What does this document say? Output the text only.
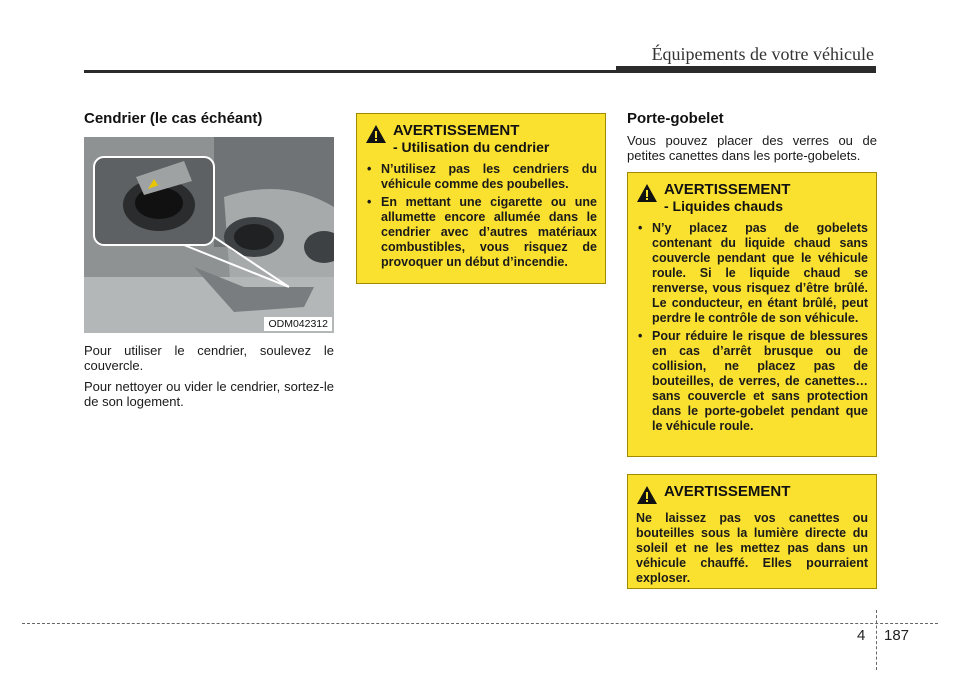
Équipements de votre véhicule
Cendrier (le cas échéant)
ODM042312

Pour utiliser le cendrier, soulevez le couvercle.

Pour nettoyer ou vider le cendrier, sortez-le de son logement.

AVERTISSEMENT
- Utilisation du cendrier
• N’utilisez pas les cendriers du véhicule comme des poubelles.
• En mettant une cigarette ou une allumette encore allumée dans le cendrier avec d’autres matériaux combustibles, vous risquez de provoquer un début d’incendie.
Porte-gobelet

Vous pouvez placer des verres ou de petites canettes dans les porte-gobelets.

AVERTISSEMENT
- Liquides chauds
• N’y placez pas de gobelets contenant du liquide chaud sans couvercle pendant que le véhicule roule. Si le liquide chaud se renverse, vous risquez d’être brûlé. Le conducteur, en étant brûlé, peut perdre le contrôle de son véhicule.
• Pour réduire le risque de blessures en cas d’arrêt brusque ou de collision, ne placez pas de bouteilles, de verres, de canettes…sans couvercle et sans protection dans le porte-gobelet pendant que le véhicule roule.
AVERTISSEMENT
Ne laissez pas vos canettes ou bouteilles sous la lumière directe du soleil et ne les mettez pas dans un véhicule chauffé. Elles pourraient exploser.
4 187
